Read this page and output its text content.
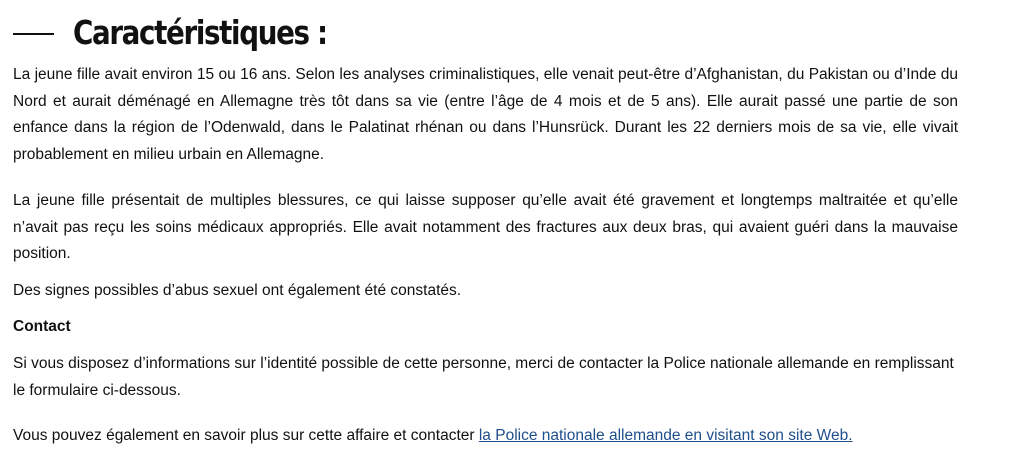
Caractéristiques :

La jeune fille avait environ 15 ou 16 ans. Selon les analyses criminalistiques, elle venait peut-être d’Afghanistan, du Pakistan ou d’Inde du Nord et aurait déménagé en Allemagne très tôt dans sa vie (entre l’âge de 4 mois et de 5 ans). Elle aurait passé une partie de son enfance dans la région de l’Odenwald, dans le Palatinat rhénan ou dans l’Hunsrück. Durant les 22 derniers mois de sa vie, elle vivait probablement en milieu urbain en Allemagne.

La jeune fille présentait de multiples blessures, ce qui laisse supposer qu’elle avait été gravement et longtemps maltraitée et qu’elle n’avait pas reçu les soins médicaux appropriés. Elle avait notamment des fractures aux deux bras, qui avaient guéri dans la mauvaise position.

Des signes possibles d’abus sexuel ont également été constatés.

Contact

Si vous disposez d’informations sur l’identité possible de cette personne, merci de contacter la Police nationale allemande en remplissant le formulaire ci-dessous.

Vous pouvez également en savoir plus sur cette affaire et contacter la Police nationale allemande en visitant son site Web.
